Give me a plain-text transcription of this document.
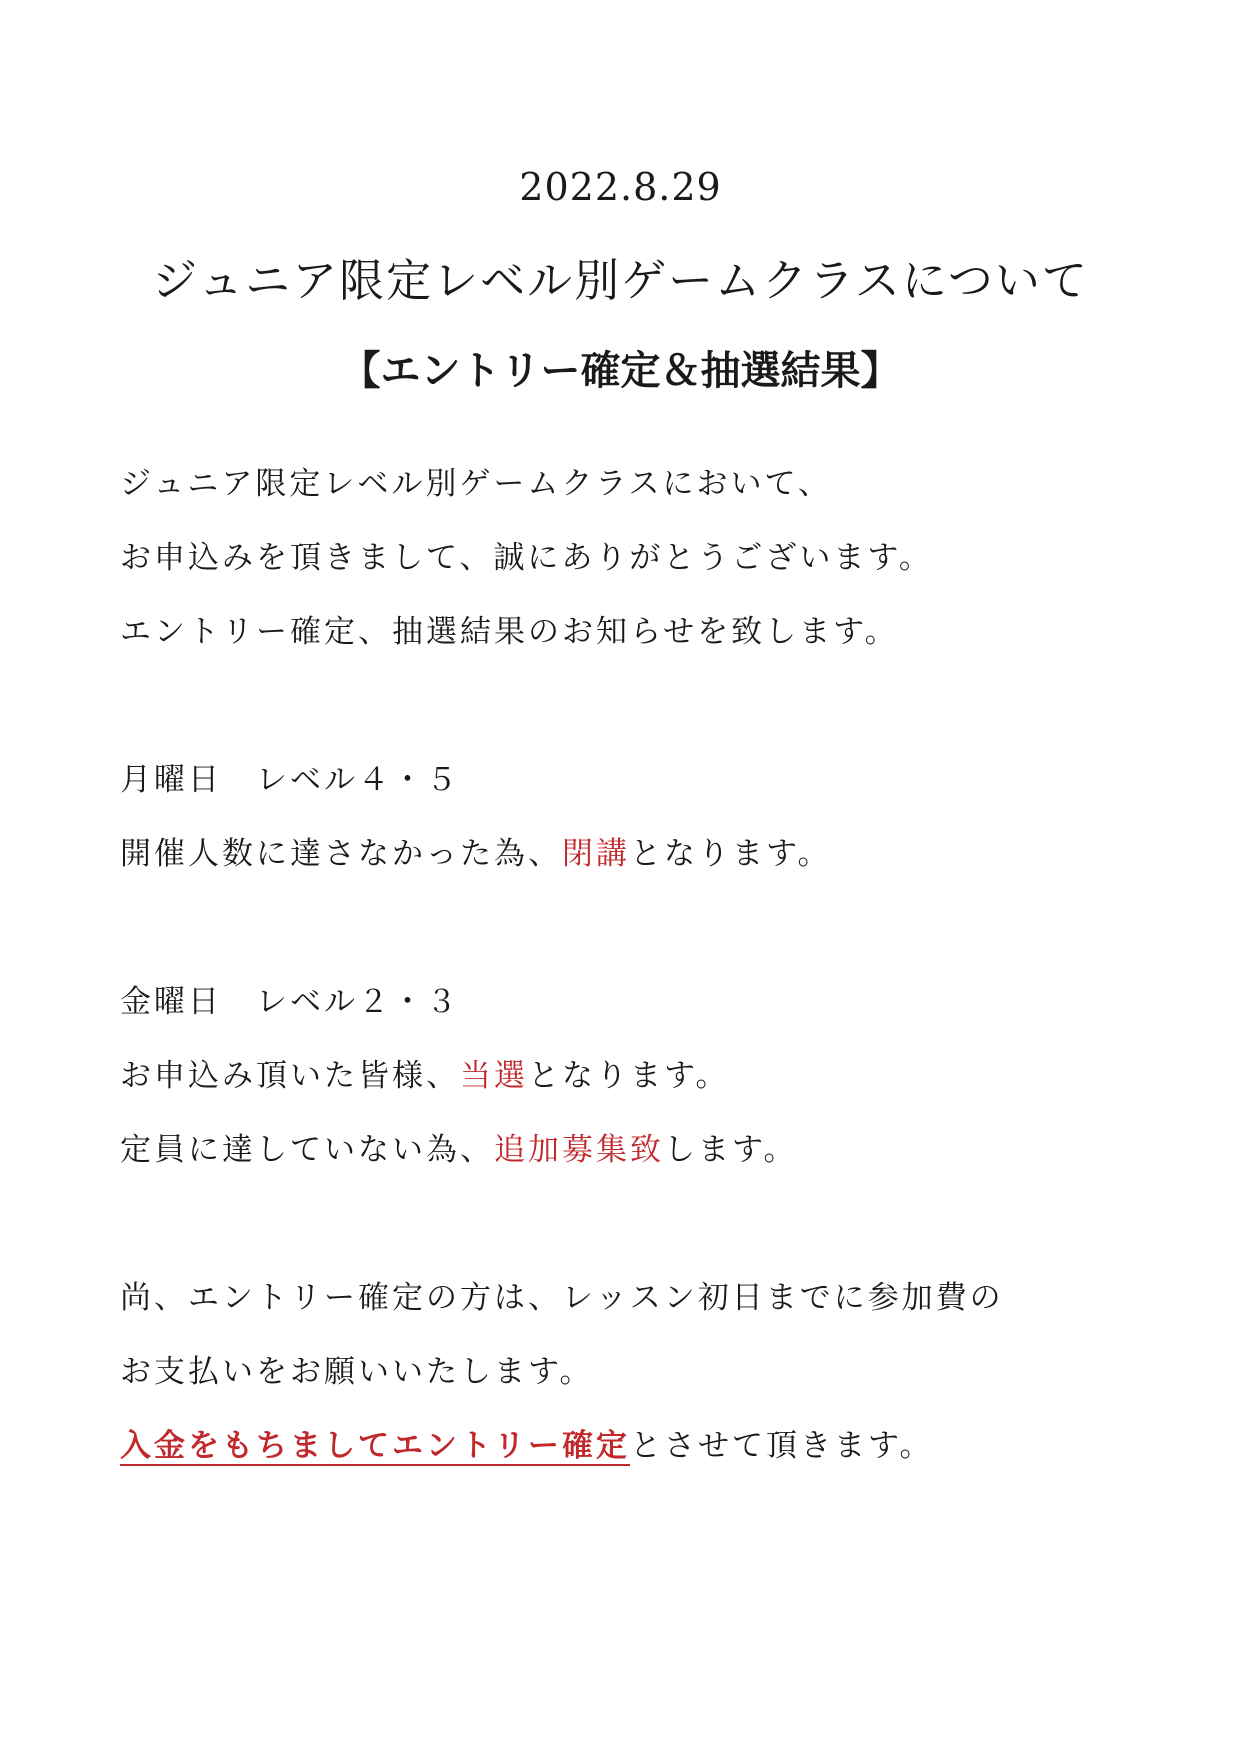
2022.8.29
ジュニア限定レベル別ゲームクラスについて
【エントリー確定＆抽選結果】
ジュニア限定レベル別ゲームクラスにおいて、
お申込みを頂きまして、誠にありがとうございます。
エントリー確定、抽選結果のお知らせを致します。
月曜日　レベル４・５
開催人数に達さなかった為、閉講となります。
金曜日　レベル２・３
お申込み頂いた皆様、当選となります。
定員に達していない為、追加募集致します。
尚、エントリー確定の方は、レッスン初日までに参加費の
お支払いをお願いいたします。
入金をもちましてエントリー確定とさせて頂きます。
